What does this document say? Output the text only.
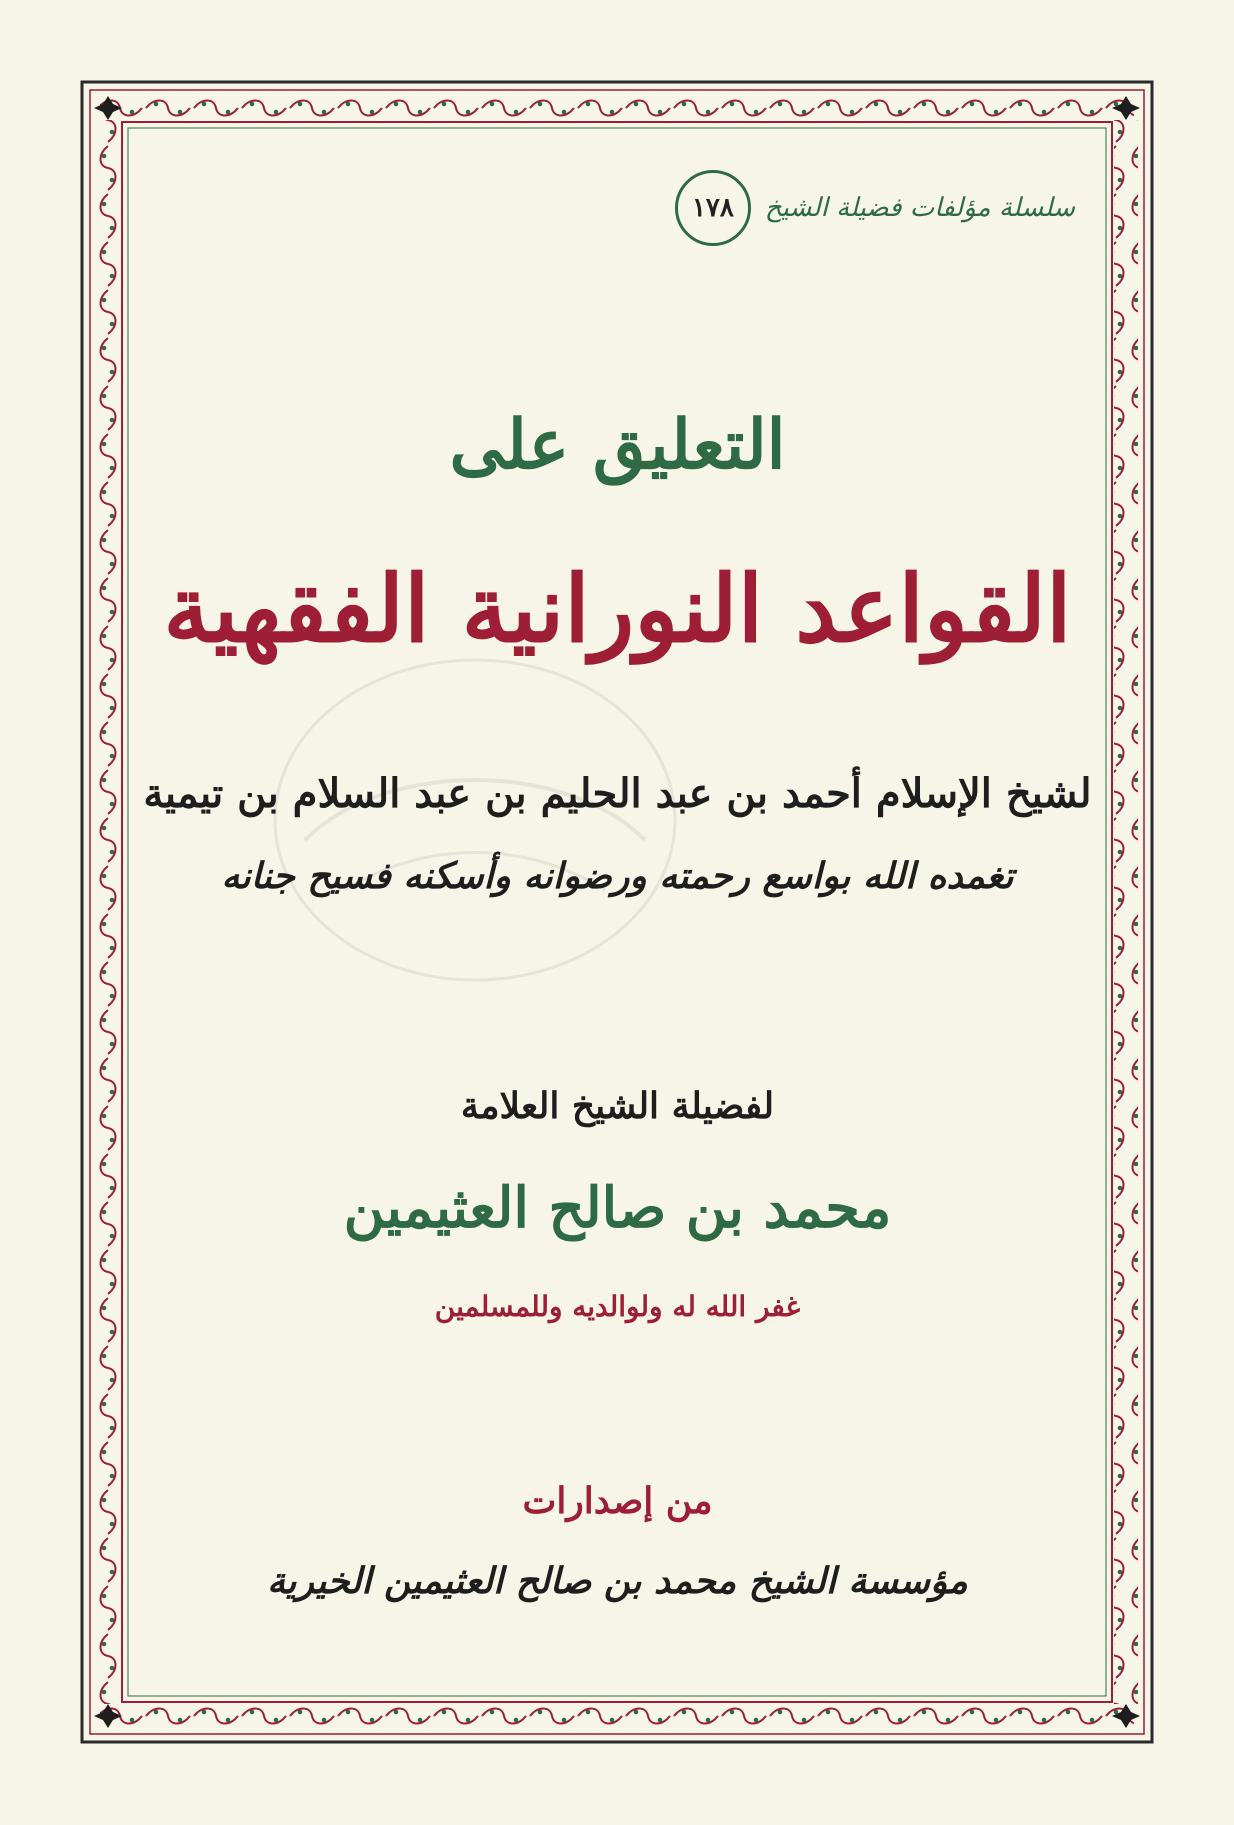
سلسلة مؤلفات فضيلة الشيخ
١٧٨
التعليق على
القواعد النورانية الفقهية
لشيخ الإسلام أحمد بن عبد الحليم بن عبد السلام بن تيمية
تغمده الله بواسع رحمته ورضوانه وأسكنه فسيح جنانه
لفضيلة الشيخ العلامة
محمد بن صالح العثيمين
غفر الله له ولوالديه وللمسلمين
من إصدارات
مؤسسة الشيخ محمد بن صالح العثيمين الخيرية
